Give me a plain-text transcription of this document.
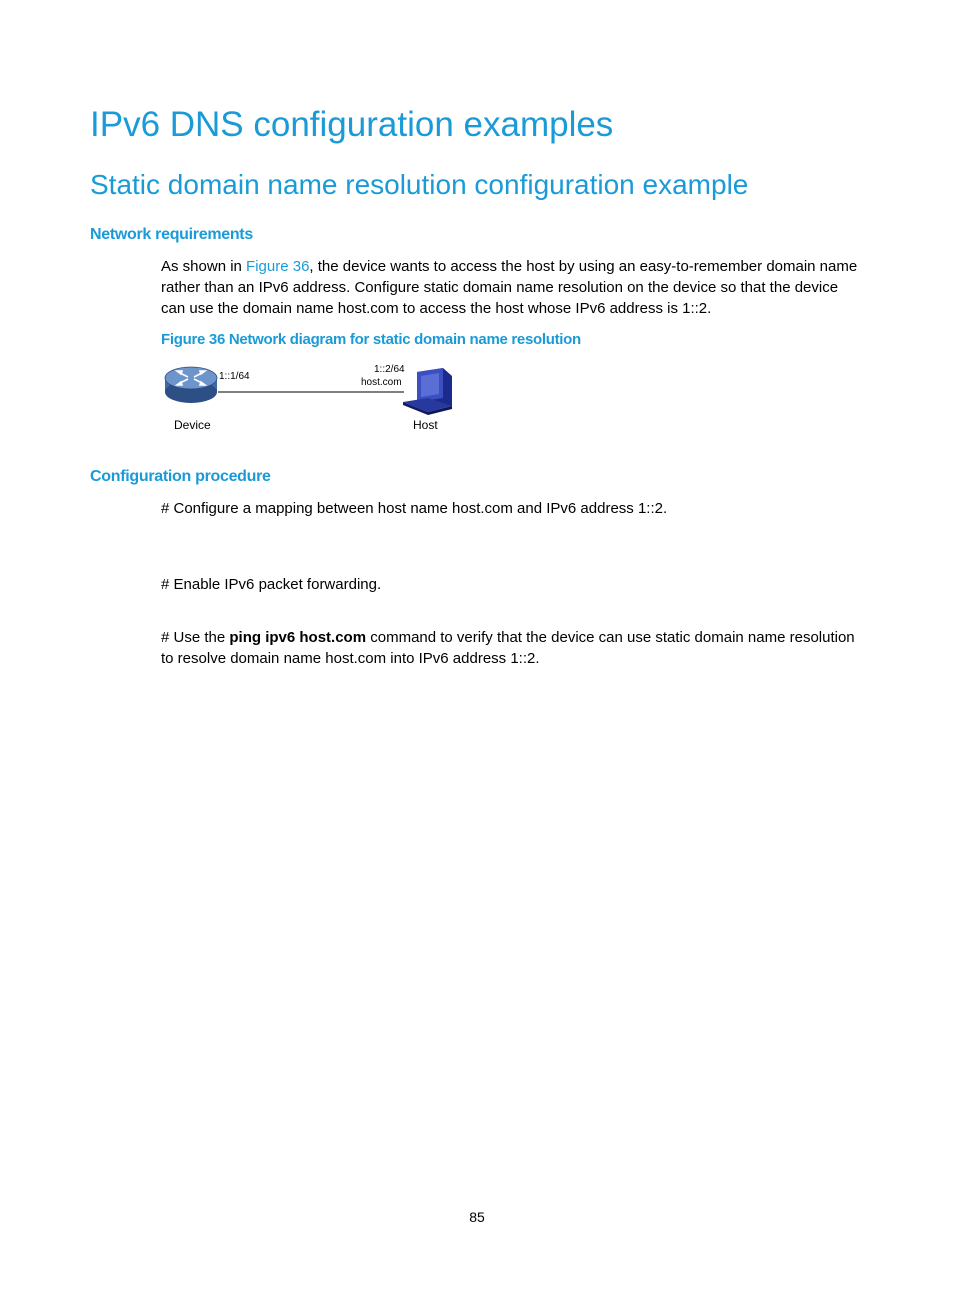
IPv6 DNS configuration examples
Static domain name resolution configuration example
Network requirements

As shown in Figure 36, the device wants to access the host by using an easy-to-remember domain name rather than an IPv6 address. Configure static domain name resolution on the device so that the device can use the domain name host.com to access the host whose IPv6 address is 1::2.

Figure 36 Network diagram for static domain name resolution

1::1/64
1::2/64
host.com
Device	Host
Configuration procedure

# Configure a mapping between host name host.com and IPv6 address 1::2.

# Enable IPv6 packet forwarding.

# Use the ping ipv6 host.com command to verify that the device can use static domain name resolution to resolve domain name host.com into IPv6 address 1::2.

85
